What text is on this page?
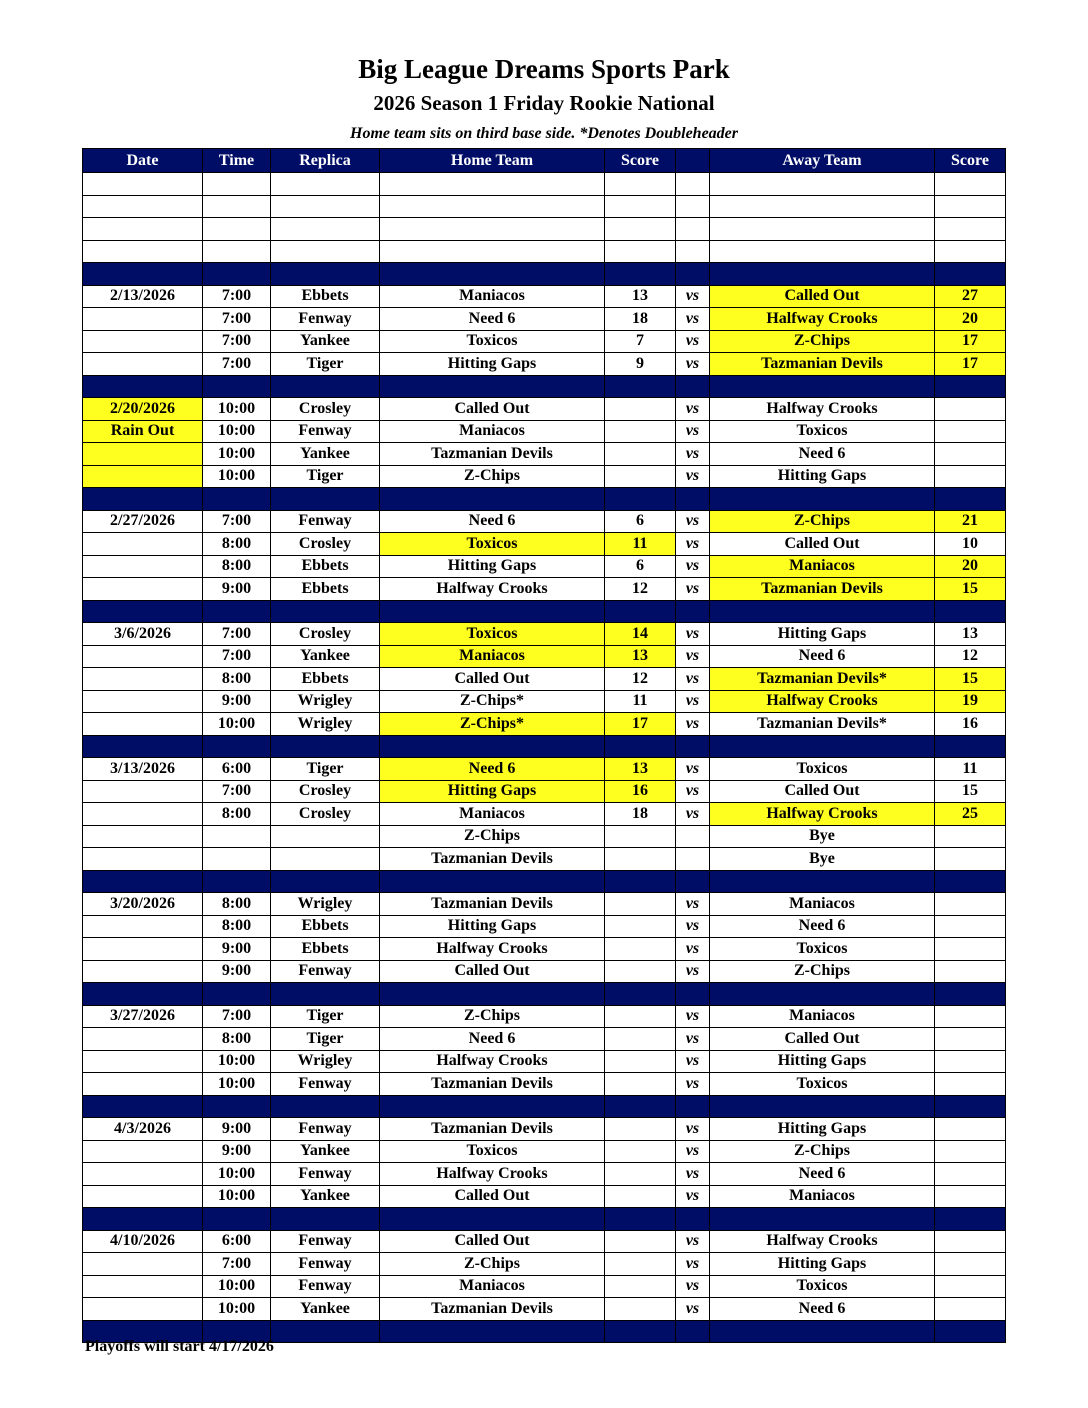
Big League Dreams Sports Park
2026 Season 1 Friday Rookie National
Home team sits on third base side. *Denotes Doubleheader
Date	Time	Replica	Home Team	Score		Away Team	Score

2/13/2026	7:00	Ebbets	Maniacos	13	vs	Called Out	27
	7:00	Fenway	Need 6	18	vs	Halfway Crooks	20
	7:00	Yankee	Toxicos	7	vs	Z-Chips	17
	7:00	Tiger	Hitting Gaps	9	vs	Tazmanian Devils	17

2/20/2026	10:00	Crosley	Called Out		vs	Halfway Crooks	
Rain Out	10:00	Fenway	Maniacos		vs	Toxicos	
	10:00	Yankee	Tazmanian Devils		vs	Need 6	
	10:00	Tiger	Z-Chips		vs	Hitting Gaps	

2/27/2026	7:00	Fenway	Need 6	6	vs	Z-Chips	21
	8:00	Crosley	Toxicos	11	vs	Called Out	10
	8:00	Ebbets	Hitting Gaps	6	vs	Maniacos	20
	9:00	Ebbets	Halfway Crooks	12	vs	Tazmanian Devils	15

3/6/2026	7:00	Crosley	Toxicos	14	vs	Hitting Gaps	13
	7:00	Yankee	Maniacos	13	vs	Need 6	12
	8:00	Ebbets	Called Out	12	vs	Tazmanian Devils*	15
	9:00	Wrigley	Z-Chips*	11	vs	Halfway Crooks	19
	10:00	Wrigley	Z-Chips*	17	vs	Tazmanian Devils*	16

3/13/2026	6:00	Tiger	Need 6	13	vs	Toxicos	11
	7:00	Crosley	Hitting Gaps	16	vs	Called Out	15
	8:00	Crosley	Maniacos	18	vs	Halfway Crooks	25
			Z-Chips			Bye	
			Tazmanian Devils			Bye	

3/20/2026	8:00	Wrigley	Tazmanian Devils		vs	Maniacos	
	8:00	Ebbets	Hitting Gaps		vs	Need 6	
	9:00	Ebbets	Halfway Crooks		vs	Toxicos	
	9:00	Fenway	Called Out		vs	Z-Chips	

3/27/2026	7:00	Tiger	Z-Chips		vs	Maniacos	
	8:00	Tiger	Need 6		vs	Called Out	
	10:00	Wrigley	Halfway Crooks		vs	Hitting Gaps	
	10:00	Fenway	Tazmanian Devils		vs	Toxicos	

4/3/2026	9:00	Fenway	Tazmanian Devils		vs	Hitting Gaps	
	9:00	Yankee	Toxicos		vs	Z-Chips	
	10:00	Fenway	Halfway Crooks		vs	Need 6	
	10:00	Yankee	Called Out		vs	Maniacos	

4/10/2026	6:00	Fenway	Called Out		vs	Halfway Crooks	
	7:00	Fenway	Z-Chips		vs	Hitting Gaps	
	10:00	Fenway	Maniacos		vs	Toxicos	
	10:00	Yankee	Tazmanian Devils		vs	Need 6	

Playoffs will start 4/17/2026
